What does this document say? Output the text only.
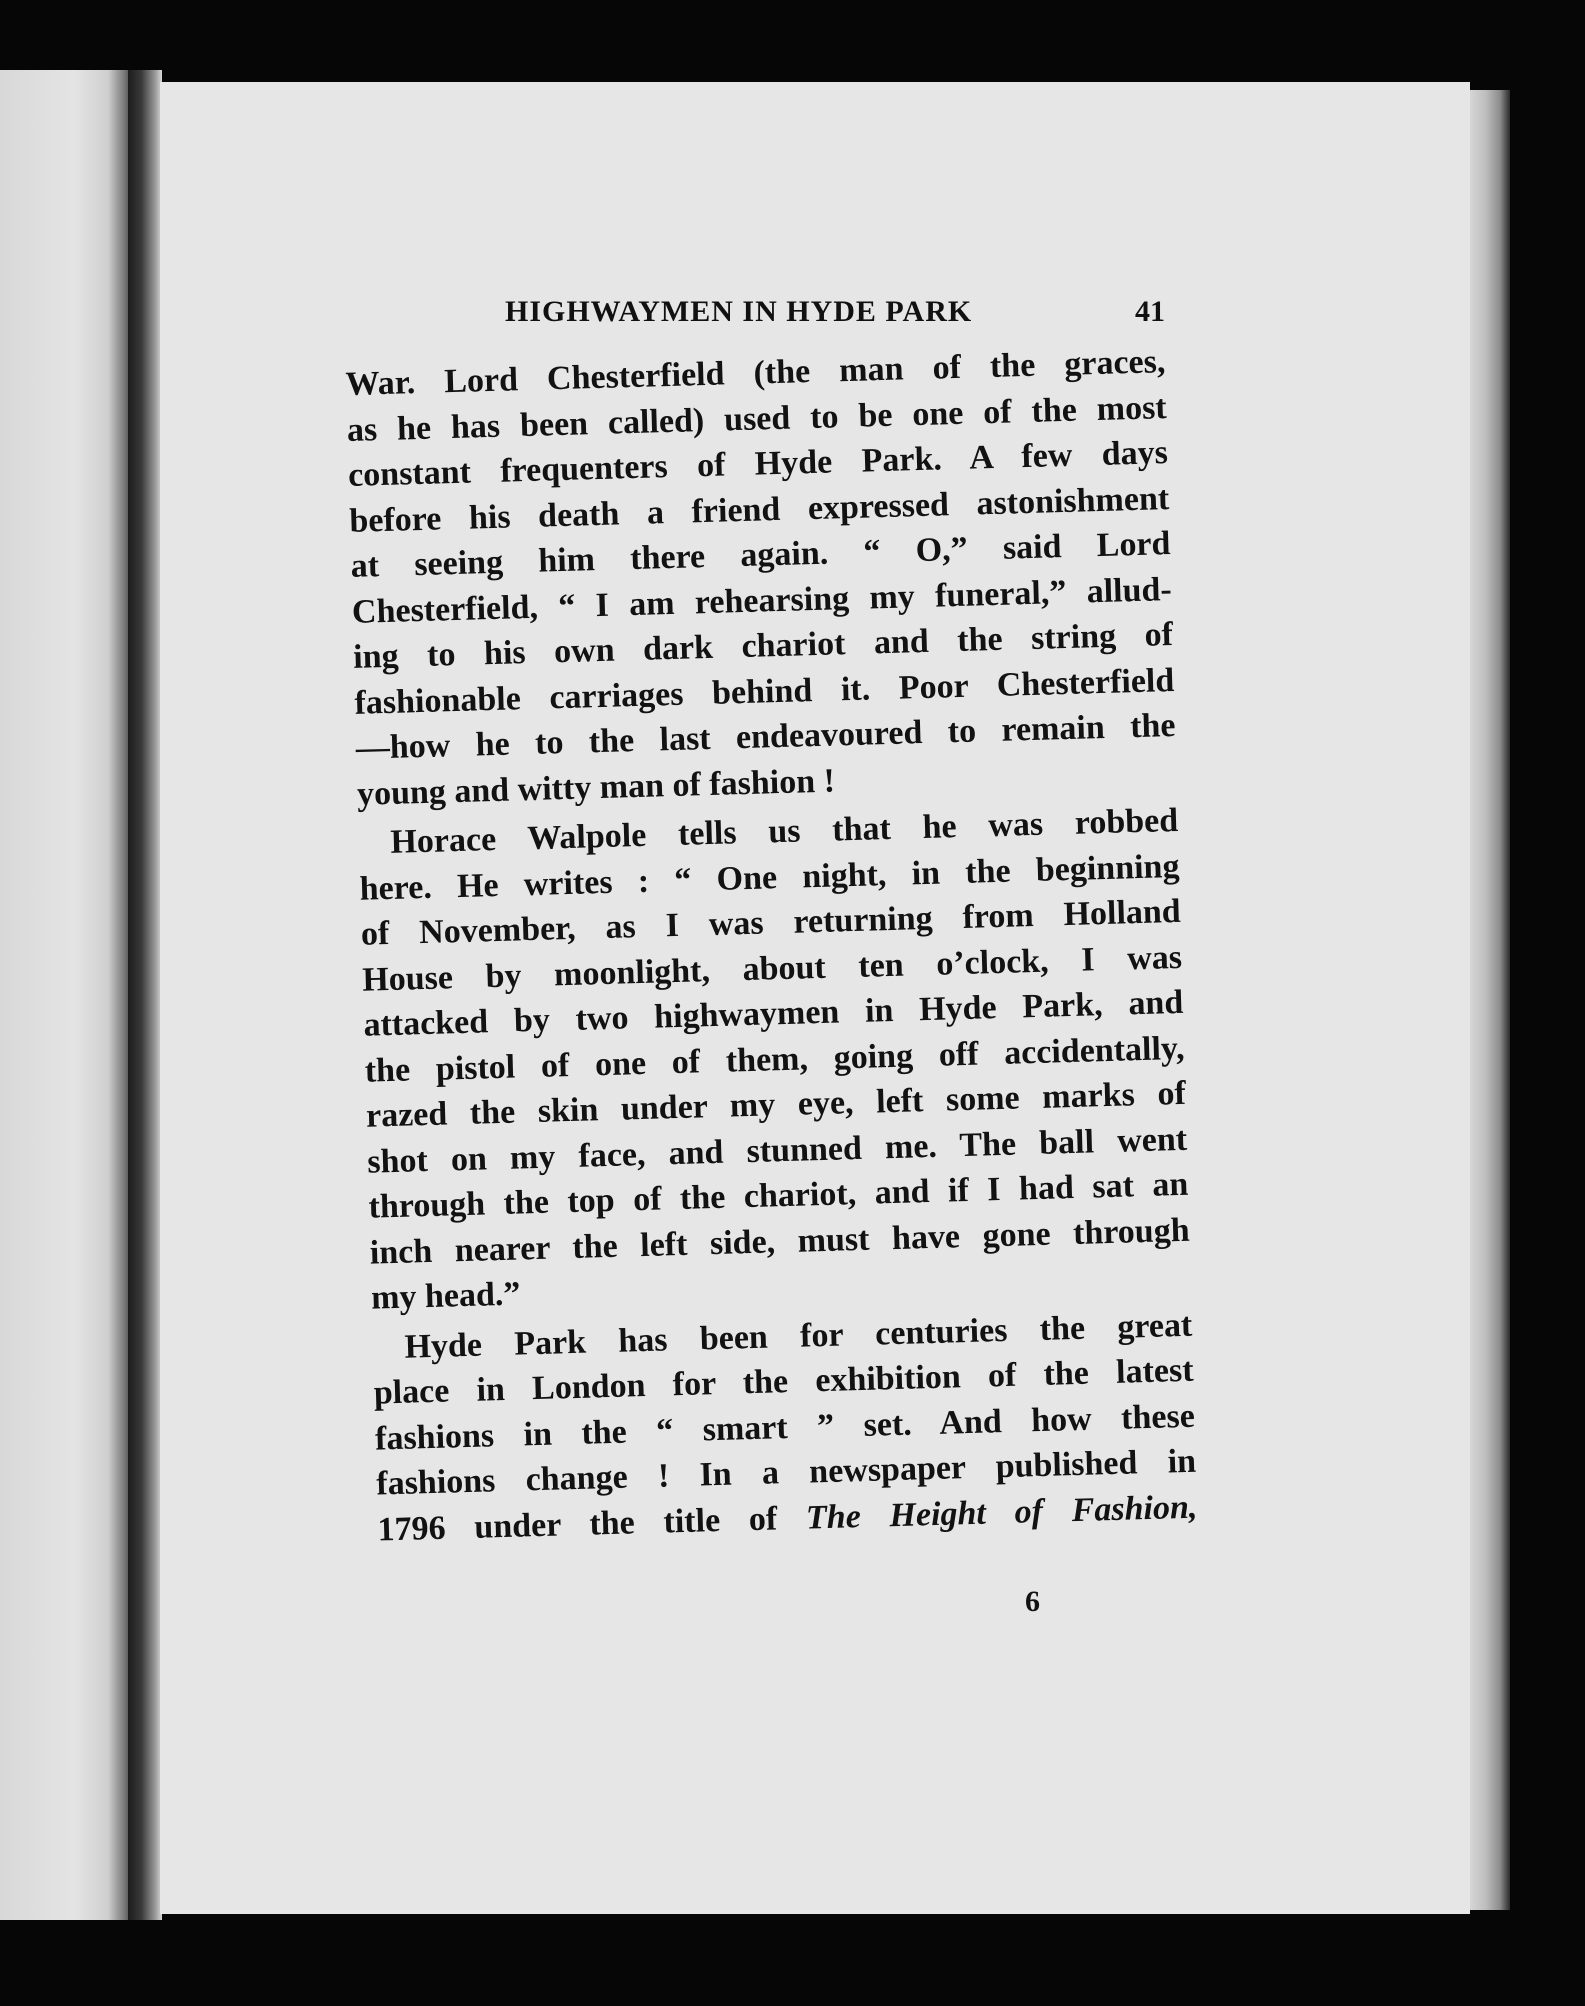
HIGHWAYMEN IN HYDE PARK	41
War. Lord Chesterfield (the man of the graces,
as he has been called) used to be one of the most
constant frequenters of Hyde Park. A few days
before his death a friend expressed astonishment
at seeing him there again. “ O,” said Lord
Chesterfield, “ I am rehearsing my funeral,” allud-
ing to his own dark chariot and the string of
fashionable carriages behind it. Poor Chesterfield
—how he to the last endeavoured to remain the
young and witty man of fashion !
Horace Walpole tells us that he was robbed
here. He writes : “ One night, in the beginning
of November, as I was returning from Holland
House by moonlight, about ten o’clock, I was
attacked by two highwaymen in Hyde Park, and
the pistol of one of them, going off accidentally,
razed the skin under my eye, left some marks of
shot on my face, and stunned me. The ball went
through the top of the chariot, and if I had sat an
inch nearer the left side, must have gone through
my head.”
Hyde Park has been for centuries the great
place in London for the exhibition of the latest
fashions in the “ smart ” set. And how these
fashions change ! In a newspaper published in
1796 under the title of The Height of Fashion,
6
